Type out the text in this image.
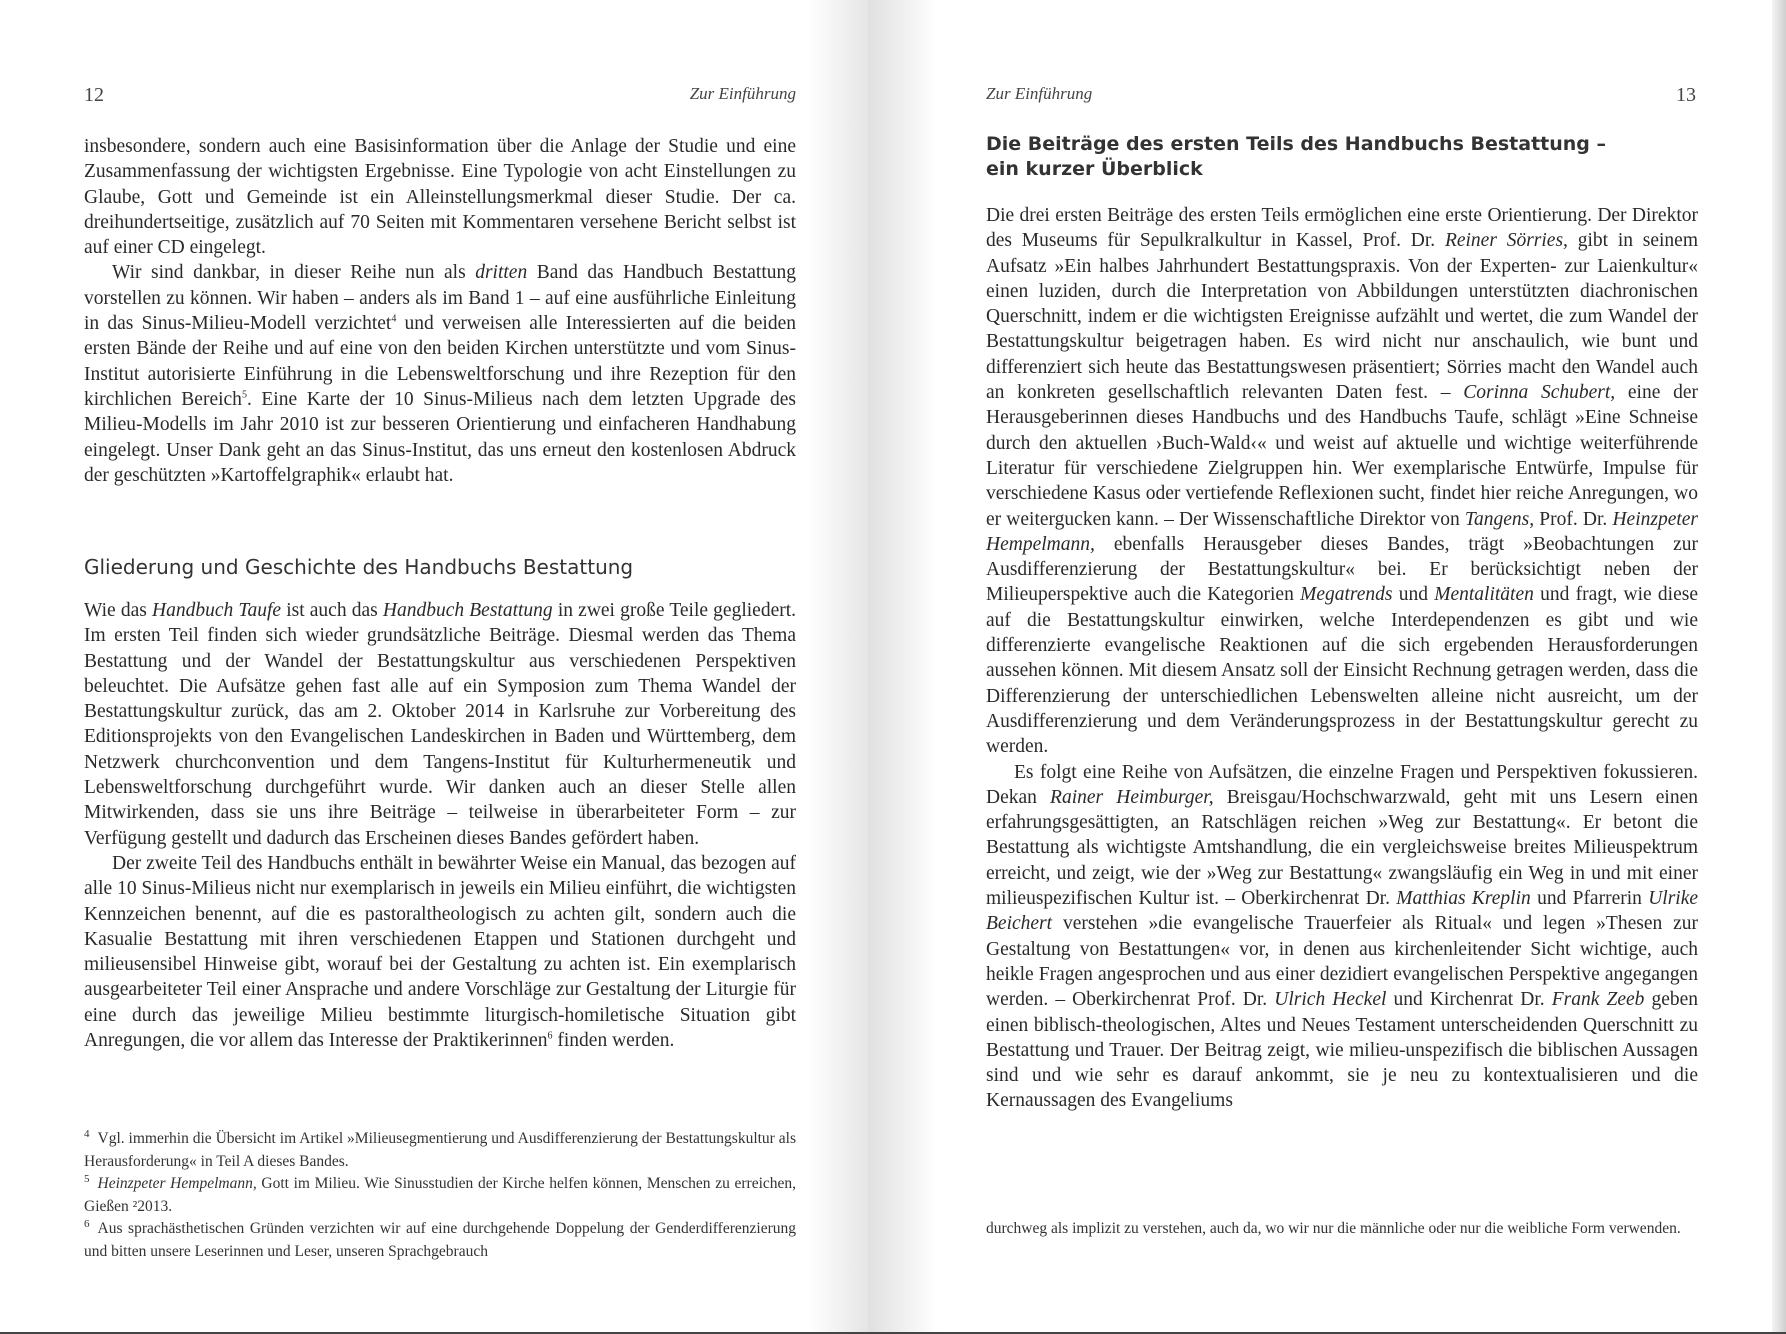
12	Zur Einführung

insbesondere, sondern auch eine Basisinformation über die Anlage der Studie und eine Zusammenfassung der wichtigsten Ergebnisse. Eine Typologie von acht Einstellungen zu Glaube, Gott und Gemeinde ist ein Alleinstellungsmerkmal dieser Studie. Der ca. dreihundertseitige, zusätzlich auf 70 Seiten mit Kommentaren versehene Bericht selbst ist auf einer CD eingelegt.

Wir sind dankbar, in dieser Reihe nun als dritten Band das Handbuch Bestattung vorstellen zu können. Wir haben – anders als im Band 1 – auf eine ausführliche Einleitung in das Sinus-Milieu-Modell verzichtet$^4$ und verweisen alle Interessierten auf die beiden ersten Bände der Reihe und auf eine von den beiden Kirchen unterstützte und vom Sinus-Institut autorisierte Einführung in die Lebensweltforschung und ihre Rezeption für den kirchlichen Bereich$^5$. Eine Karte der 10 Sinus-Milieus nach dem letzten Upgrade des Milieu-Modells im Jahr 2010 ist zur besseren Orientierung und einfacheren Handhabung eingelegt. Unser Dank geht an das Sinus-Institut, das uns erneut den kostenlosen Abdruck der geschützten »Kartoffelgraphik« erlaubt hat.

Gliederung und Geschichte des Handbuchs Bestattung

Wie das Handbuch Taufe ist auch das Handbuch Bestattung in zwei große Teile gegliedert. Im ersten Teil finden sich wieder grundsätzliche Beiträge. Diesmal werden das Thema Bestattung und der Wandel der Bestattungskultur aus verschiedenen Perspektiven beleuchtet. Die Aufsätze gehen fast alle auf ein Symposion zum Thema Wandel der Bestattungskultur zurück, das am 2. Oktober 2014 in Karlsruhe zur Vorbereitung des Editionsprojekts von den Evangelischen Landeskirchen in Baden und Württemberg, dem Netzwerk churchconvention und dem Tangens-Institut für Kulturhermeneutik und Lebensweltforschung durchgeführt wurde. Wir danken auch an dieser Stelle allen Mitwirkenden, dass sie uns ihre Beiträge – teilweise in überarbeiteter Form – zur Verfügung gestellt und dadurch das Erscheinen dieses Bandes gefördert haben.

Der zweite Teil des Handbuchs enthält in bewährter Weise ein Manual, das bezogen auf alle 10 Sinus-Milieus nicht nur exemplarisch in jeweils ein Milieu einführt, die wichtigsten Kennzeichen benennt, auf die es pastoraltheologisch zu achten gilt, sondern auch die Kasualie Bestattung mit ihren verschiedenen Etappen und Stationen durchgeht und milieusensibel Hinweise gibt, worauf bei der Gestaltung zu achten ist. Ein exemplarisch ausgearbeiteter Teil einer Ansprache und andere Vorschläge zur Gestaltung der Liturgie für eine durch das jeweilige Milieu bestimmte liturgisch-homiletische Situation gibt Anregungen, die vor allem das Interesse der Praktikerinnen$^6$ finden werden.

$^4$ Vgl. immerhin die Übersicht im Artikel »Milieusegmentierung und Ausdifferenzierung der Bestattungskultur als Herausforderung« in Teil A dieses Bandes.

$^5$ Heinzpeter Hempelmann, Gott im Milieu. Wie Sinusstudien der Kirche helfen können, Menschen zu erreichen, Gießen ²2013.

$^6$ Aus sprachästhetischen Gründen verzichten wir auf eine durchgehende Doppelung der Genderdifferenzierung und bitten unsere Leserinnen und Leser, unseren Sprachgebrauch

Zur Einführung	13
Die Beiträge des ersten Teils des Handbuchs Bestattung –
ein kurzer Überblick

Die drei ersten Beiträge des ersten Teils ermöglichen eine erste Orientierung. Der Direktor des Museums für Sepulkralkultur in Kassel, Prof. Dr. Reiner Sörries, gibt in seinem Aufsatz »Ein halbes Jahrhundert Bestattungspraxis. Von der Experten- zur Laienkultur« einen luziden, durch die Interpretation von Abbildungen unterstützten diachronischen Querschnitt, indem er die wichtigsten Ereignisse aufzählt und wertet, die zum Wandel der Bestattungskultur beigetragen haben. Es wird nicht nur anschaulich, wie bunt und differenziert sich heute das Bestattungswesen präsentiert; Sörries macht den Wandel auch an konkreten gesellschaftlich relevanten Daten fest. – Corinna Schubert, eine der Herausgeberinnen dieses Handbuchs und des Handbuchs Taufe, schlägt »Eine Schneise durch den aktuellen ›Buch-Wald‹« und weist auf aktuelle und wichtige weiterführende Literatur für verschiedene Zielgruppen hin. Wer exemplarische Entwürfe, Impulse für verschiedene Kasus oder vertiefende Reflexionen sucht, findet hier reiche Anregungen, wo er weitergucken kann. – Der Wissenschaftliche Direktor von Tangens, Prof. Dr. Heinzpeter Hempelmann, ebenfalls Herausgeber dieses Bandes, trägt »Beobachtungen zur Ausdifferenzierung der Bestattungskultur« bei. Er berücksichtigt neben der Milieuperspektive auch die Kategorien Megatrends und Mentalitäten und fragt, wie diese auf die Bestattungskultur einwirken, welche Interdependenzen es gibt und wie differenzierte evangelische Reaktionen auf die sich ergebenden Herausforderungen aussehen können. Mit diesem Ansatz soll der Einsicht Rechnung getragen werden, dass die Differenzierung der unterschiedlichen Lebenswelten alleine nicht ausreicht, um der Ausdifferenzierung und dem Veränderungsprozess in der Bestattungskultur gerecht zu werden.

Es folgt eine Reihe von Aufsätzen, die einzelne Fragen und Perspektiven fokussieren. Dekan Rainer Heimburger, Breisgau/Hochschwarzwald, geht mit uns Lesern einen erfahrungsgesättigten, an Ratschlägen reichen »Weg zur Bestattung«. Er betont die Bestattung als wichtigste Amtshandlung, die ein vergleichsweise breites Milieuspektrum erreicht, und zeigt, wie der »Weg zur Bestattung« zwangsläufig ein Weg in und mit einer milieuspezifischen Kultur ist. – Oberkirchenrat Dr. Matthias Kreplin und Pfarrerin Ulrike Beichert verstehen »die evangelische Trauerfeier als Ritual« und legen »Thesen zur Gestaltung von Bestattungen« vor, in denen aus kirchenleitender Sicht wichtige, auch heikle Fragen angesprochen und aus einer dezidiert evangelischen Perspektive angegangen werden. – Oberkirchenrat Prof. Dr. Ulrich Heckel und Kirchenrat Dr. Frank Zeeb geben einen biblisch-theologischen, Altes und Neues Testament unterscheidenden Querschnitt zu Bestattung und Trauer. Der Beitrag zeigt, wie milieu-unspezifisch die biblischen Aussagen sind und wie sehr es darauf ankommt, sie je neu zu kontextualisieren und die Kernaussagen des Evangeliums

durchweg als implizit zu verstehen, auch da, wo wir nur die männliche oder nur die weibliche Form verwenden.
